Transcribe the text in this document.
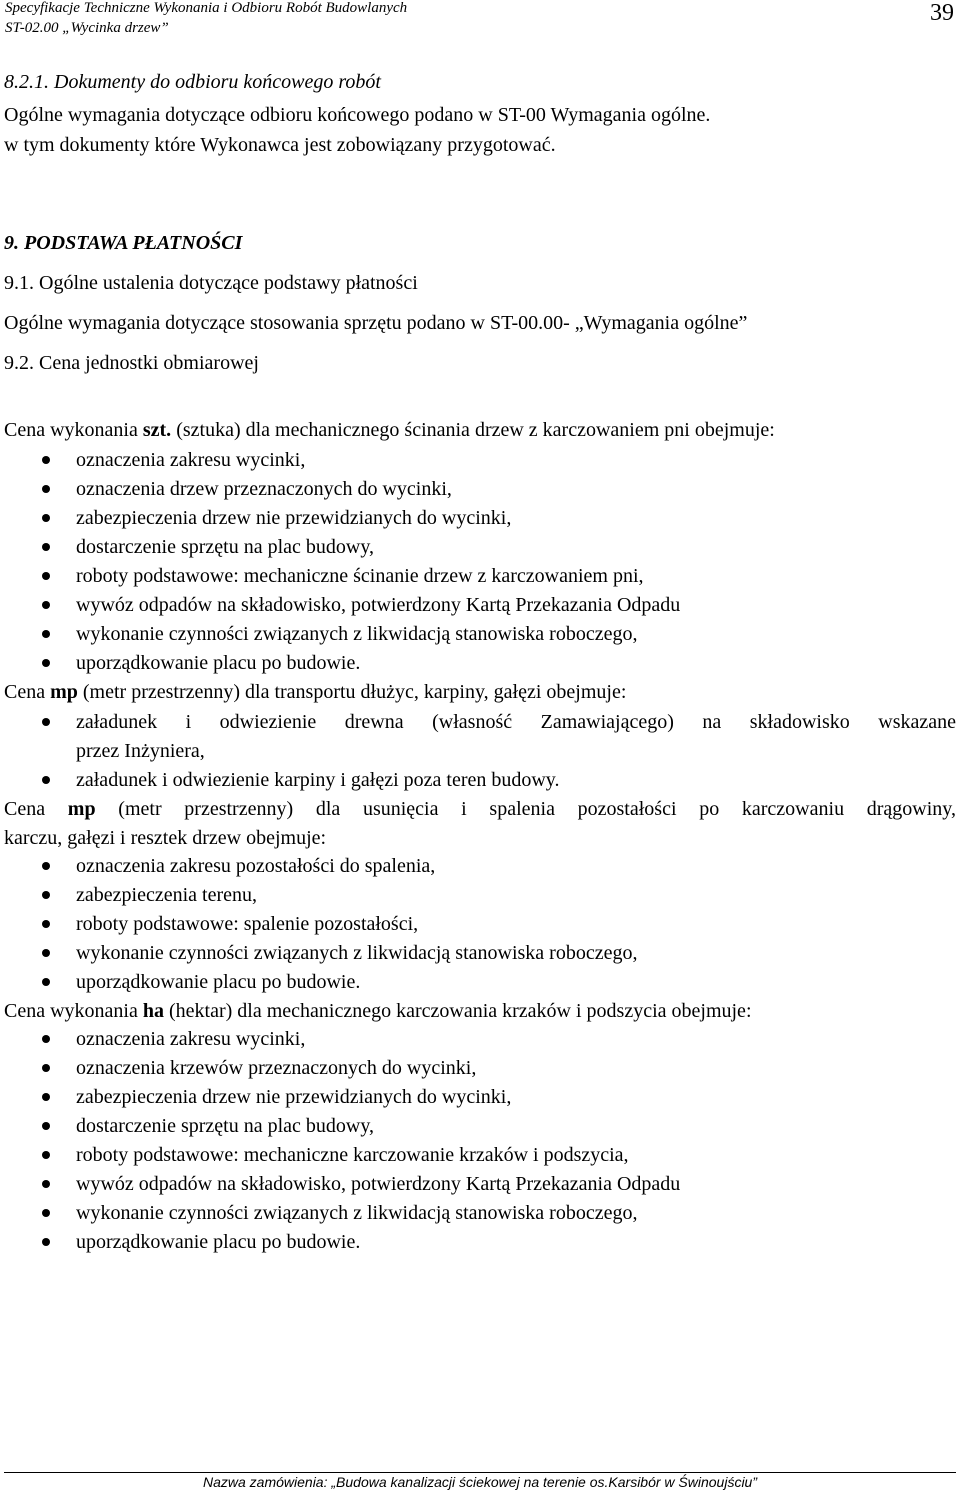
Specyfikacje Techniczne Wykonania i Odbioru Robót Budowlanych
ST-02.00 „Wycinka drzew”
39
8.2.1. Dokumenty do odbioru końcowego robót
Ogólne wymagania dotyczące odbioru końcowego podano w ST-00 Wymagania ogólne.
w tym dokumenty które Wykonawca jest zobowiązany przygotować.
9. PODSTAWA PŁATNOŚCI
9.1. Ogólne ustalenia dotyczące podstawy płatności
Ogólne wymagania dotyczące stosowania sprzętu podano w ST-00.00- „Wymagania ogólne”
9.2. Cena jednostki obmiarowej
Cena wykonania szt. (sztuka) dla mechanicznego ścinania drzew z karczowaniem pni obejmuje:
oznaczenia zakresu wycinki,
oznaczenia drzew przeznaczonych do wycinki,
zabezpieczenia drzew nie przewidzianych do wycinki,
dostarczenie sprzętu na plac budowy,
roboty podstawowe: mechaniczne ścinanie drzew z karczowaniem pni,
wywóz odpadów na składowisko, potwierdzony Kartą Przekazania Odpadu
wykonanie czynności związanych z likwidacją stanowiska roboczego,
uporządkowanie placu po budowie.
Cena mp (metr przestrzenny) dla transportu dłużyc, karpiny, gałęzi obejmuje:
załadunek i odwiezienie drewna (własność Zamawiającego) na składowisko wskazane
przez Inżyniera,
załadunek i odwiezienie karpiny i gałęzi poza teren budowy.
Cena mp (metr przestrzenny) dla usunięcia i spalenia pozostałości po karczowaniu drągowiny,
karczu, gałęzi i resztek drzew obejmuje:
oznaczenia zakresu pozostałości do spalenia,
zabezpieczenia terenu,
roboty podstawowe: spalenie pozostałości,
wykonanie czynności związanych z likwidacją stanowiska roboczego,
uporządkowanie placu po budowie.
Cena wykonania ha (hektar) dla mechanicznego karczowania krzaków i podszycia obejmuje:
oznaczenia zakresu wycinki,
oznaczenia krzewów przeznaczonych do wycinki,
zabezpieczenia drzew nie przewidzianych do wycinki,
dostarczenie sprzętu na plac budowy,
roboty podstawowe: mechaniczne karczowanie krzaków i podszycia,
wywóz odpadów na składowisko, potwierdzony Kartą Przekazania Odpadu
wykonanie czynności związanych z likwidacją stanowiska roboczego,
uporządkowanie placu po budowie.
Nazwa zamówienia: „Budowa kanalizacji ściekowej na terenie os.Karsibór w Świnoujściu”
